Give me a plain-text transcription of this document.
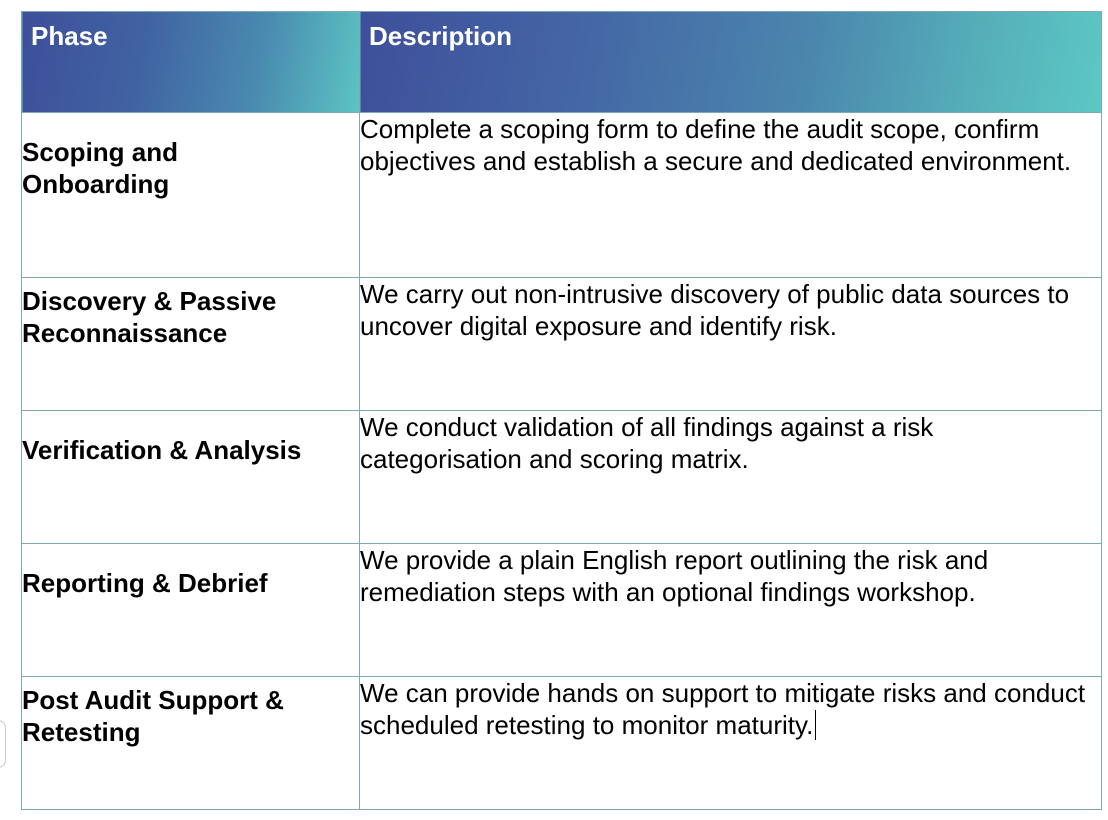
Phase	Description
Scoping and
Onboarding	Complete a scoping form to define the audit scope, confirm objectives and establish a secure and dedicated environment.
Discovery & Passive
Reconnaissance	We carry out non-intrusive discovery of public data sources to uncover digital exposure and identify risk.
Verification & Analysis	We conduct validation of all findings against a risk categorisation and scoring matrix.
Reporting & Debrief	We provide a plain English report outlining the risk and remediation steps with an optional findings workshop.
Post Audit Support &
Retesting	We can provide hands on support to mitigate risks and conduct scheduled retesting to monitor maturity.
